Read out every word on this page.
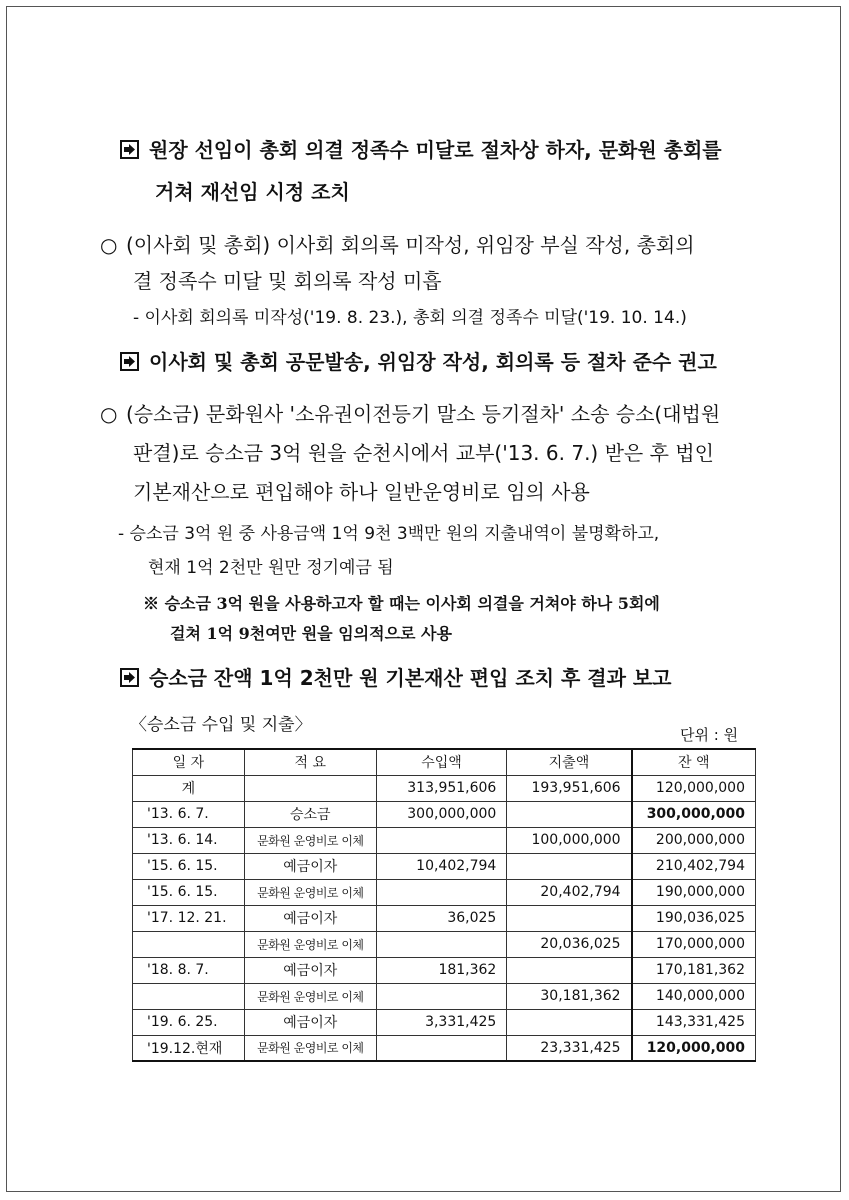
원장 선임이 총회 의결 정족수 미달로 절차상 하자, 문화원 총회를
거쳐 재선임 시정 조치
○ (이사회 및 총회) 이사회 회의록 미작성, 위임장 부실 작성, 총회의
결 정족수 미달 및 회의록 작성 미흡
- 이사회 회의록 미작성('19. 8. 23.), 총회 의결 정족수 미달('19. 10. 14.)
이사회 및 총회 공문발송, 위임장 작성, 회의록 등 절차 준수 권고
○ (승소금) 문화원사 '소유권이전등기 말소 등기절차' 소송 승소(대법원
판결)로 승소금 3억 원을 순천시에서 교부('13. 6. 7.) 받은 후 법인
기본재산으로 편입해야 하나 일반운영비로 임의 사용
- 승소금 3억 원 중 사용금액 1억 9천 3백만 원의 지출내역이 불명확하고,
현재 1억 2천만 원만 정기예금 됨
※ 승소금 3억 원을 사용하고자 할 때는 이사회 의결을 거쳐야 하나 5회에
걸쳐 1억 9천여만 원을 임의적으로 사용
승소금 잔액 1억 2천만 원 기본재산 편입 조치 후 결과 보고
〈승소금 수입 및 지출〉	단위 : 원
일 자	적 요	수입액	지출액	잔 액
계		313,951,606	193,951,606	120,000,000
'13. 6. 7.	승소금	300,000,000		300,000,000
'13. 6. 14.	문화원 운영비로 이체		100,000,000	200,000,000
'15. 6. 15.	예금이자	10,402,794		210,402,794
'15. 6. 15.	문화원 운영비로 이체		20,402,794	190,000,000
'17. 12. 21.	예금이자	36,025		190,036,025
	문화원 운영비로 이체		20,036,025	170,000,000
'18. 8. 7.	예금이자	181,362		170,181,362
	문화원 운영비로 이체		30,181,362	140,000,000
'19. 6. 25.	예금이자	3,331,425		143,331,425
'19.12.현재	문화원 운영비로 이체		23,331,425	120,000,000
